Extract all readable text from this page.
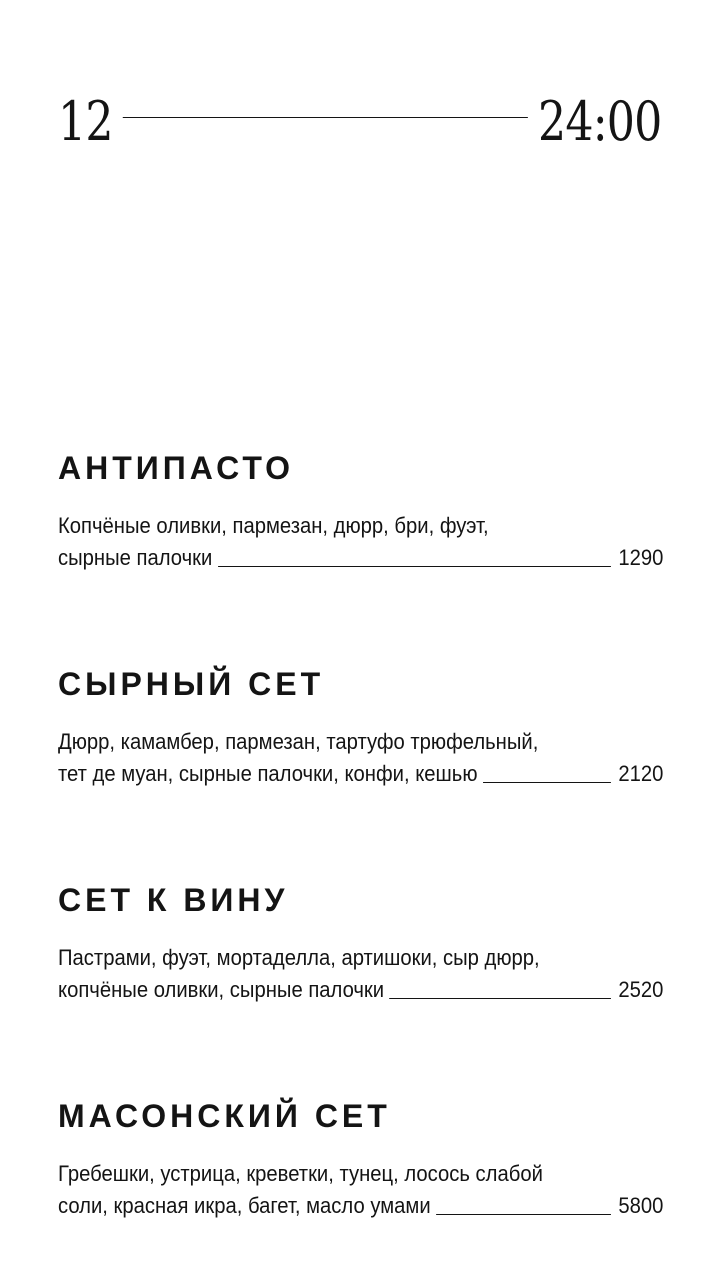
12	24:00
АНТИПАСТО
Копчёные оливки, пармезан, дюрр, бри, фуэт,
сырные палочки	1290
СЫРНЫЙ СЕТ
Дюрр, камамбер, пармезан, тартуфо трюфельный,
тет де муан, сырные палочки, конфи, кешью	2120
СЕТ К ВИНУ
Пастрами, фуэт, мортаделла, артишоки, сыр дюрр,
копчёные оливки, сырные палочки	2520
МАСОНСКИЙ СЕТ
Гребешки, устрица, креветки, тунец, лосось слабой
соли, красная икра, багет, масло умами	5800
